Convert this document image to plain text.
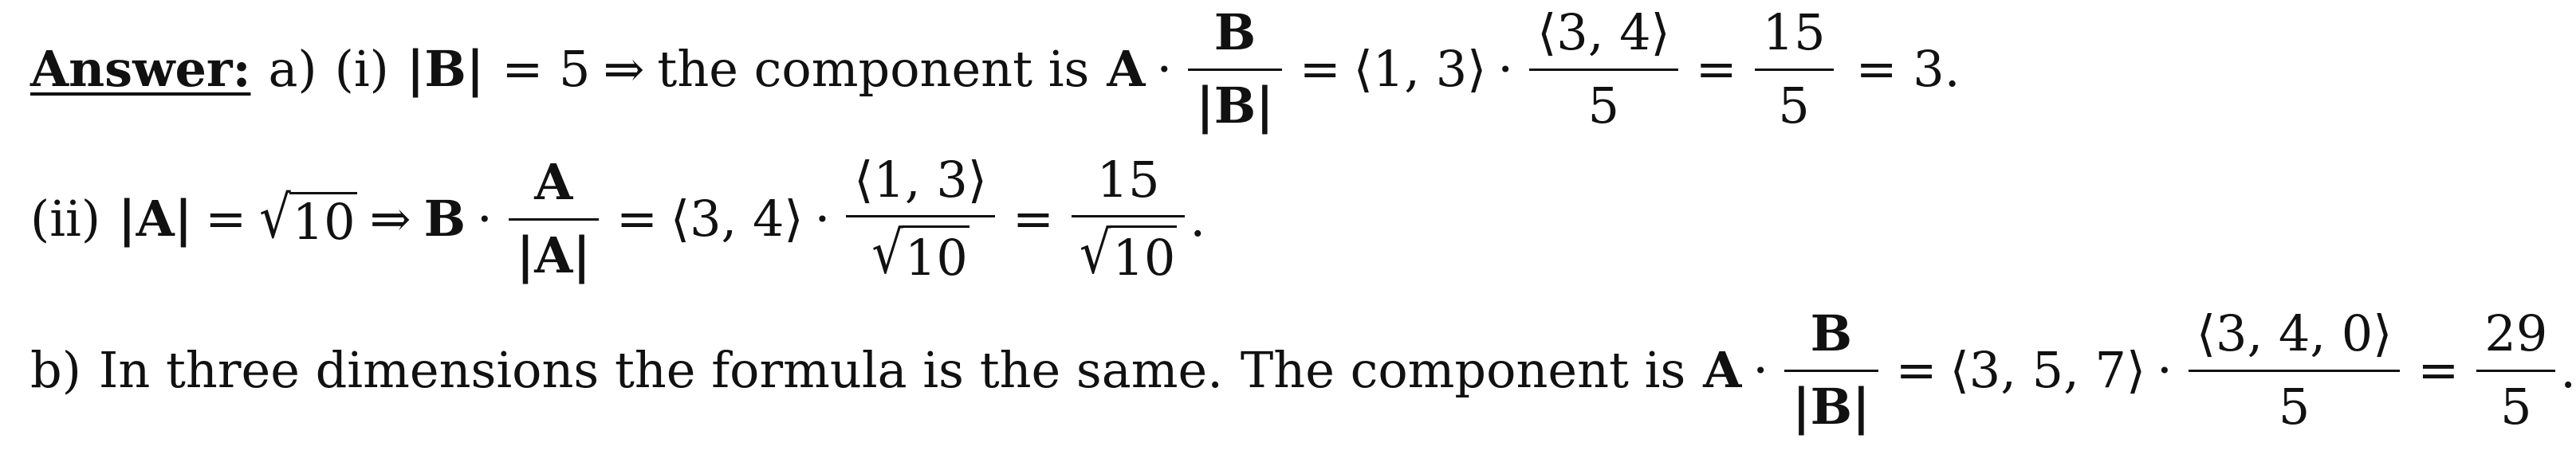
Answer: a) (i) |B| = 5 ⇒ the component is $A \cdot \frac{B}{|B|}$ = ⟨1, 3⟩ · $\frac{⟨3, 4⟩}{5} = \frac{15}{5} = 3$.
(ii) |A| = √ 10 ⇒ $B \cdot \frac{A}{|A|}$ = ⟨3, 4⟩ · $\frac{⟨1, 3⟩}{√ 10} = \frac{15}{√ 10}$ .
b) In three dimensions the formula is the same. The component is $A \cdot \frac{B}{|B|}$ = ⟨3, 5, 7⟩ · $\frac{⟨3, 4, 0⟩}{5} = \frac{29}{5}$ .
